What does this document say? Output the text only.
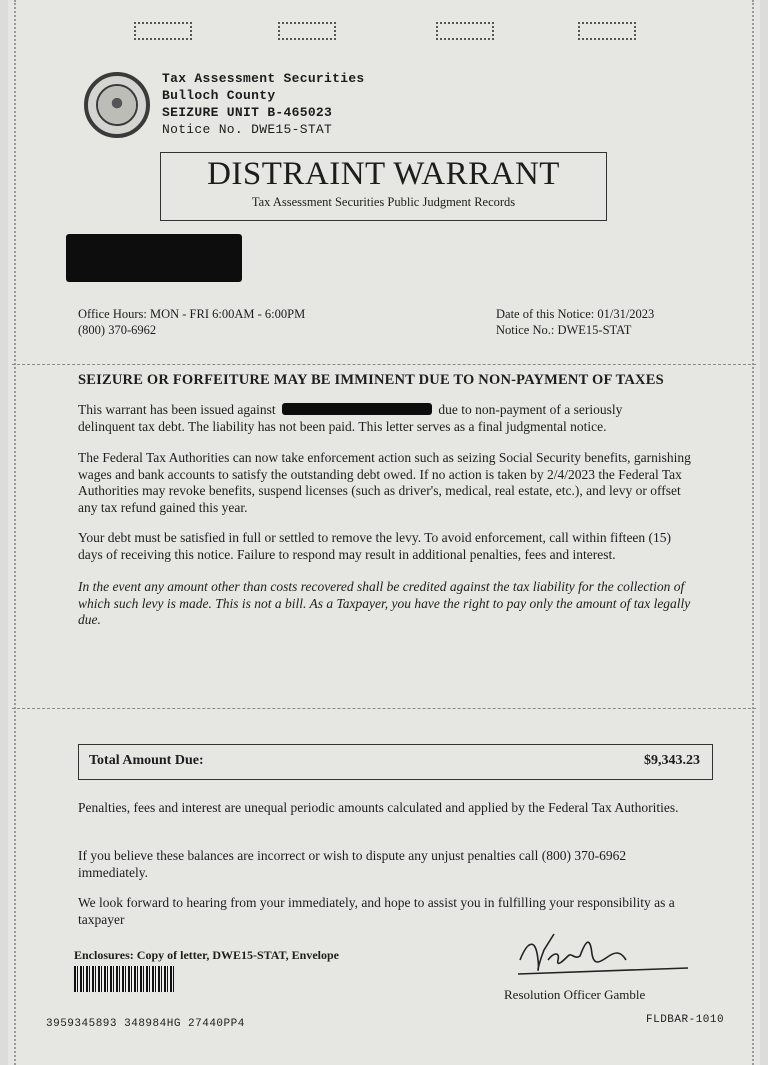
Tax Assessment Securities
Bulloch County
SEIZURE UNIT B-465023
Notice No. DWE15-STAT
DISTRAINT WARRANT
Tax Assessment Securities Public Judgment Records
Office Hours: MON - FRI 6:00AM - 6:00PM
(800) 370-6962
Date of this Notice: 01/31/2023
Notice No.: DWE15-STAT
SEIZURE OR FORFEITURE MAY BE IMMINENT DUE TO NON-PAYMENT OF TAXES
This warrant has been issued against	due to non-payment of a seriously
delinquent tax debt. The liability has not been paid. This letter serves as a final judgmental notice.
The Federal Tax Authorities can now take enforcement action such as seizing Social Security benefits, garnishing wages and bank accounts to satisfy the outstanding debt owed. If no action is taken by 2/4/2023 the Federal Tax Authorities may revoke benefits, suspend licenses (such as driver's, medical, real estate, etc.), and levy or offset any tax refund gained this year.
Your debt must be satisfied in full or settled to remove the levy. To avoid enforcement, call within fifteen (15) days of receiving this notice. Failure to respond may result in additional penalties, fees and interest.
In the event any amount other than costs recovered shall be credited against the tax liability for the collection of which such levy is made. This is not a bill. As a Taxpayer, you have the right to pay only the amount of tax legally due.
Total Amount Due:	$9,343.23
Penalties, fees and interest are unequal periodic amounts calculated and applied by the Federal Tax Authorities.
If you believe these balances are incorrect or wish to dispute any unjust penalties call (800) 370-6962 immediately.
We look forward to hearing from your immediately, and hope to assist you in fulfilling your responsibility as a taxpayer
Enclosures: Copy of letter, DWE15-STAT, Envelope
Resolution Officer Gamble
3959345893 348984HG 27440PP4	FLDBAR-1010
